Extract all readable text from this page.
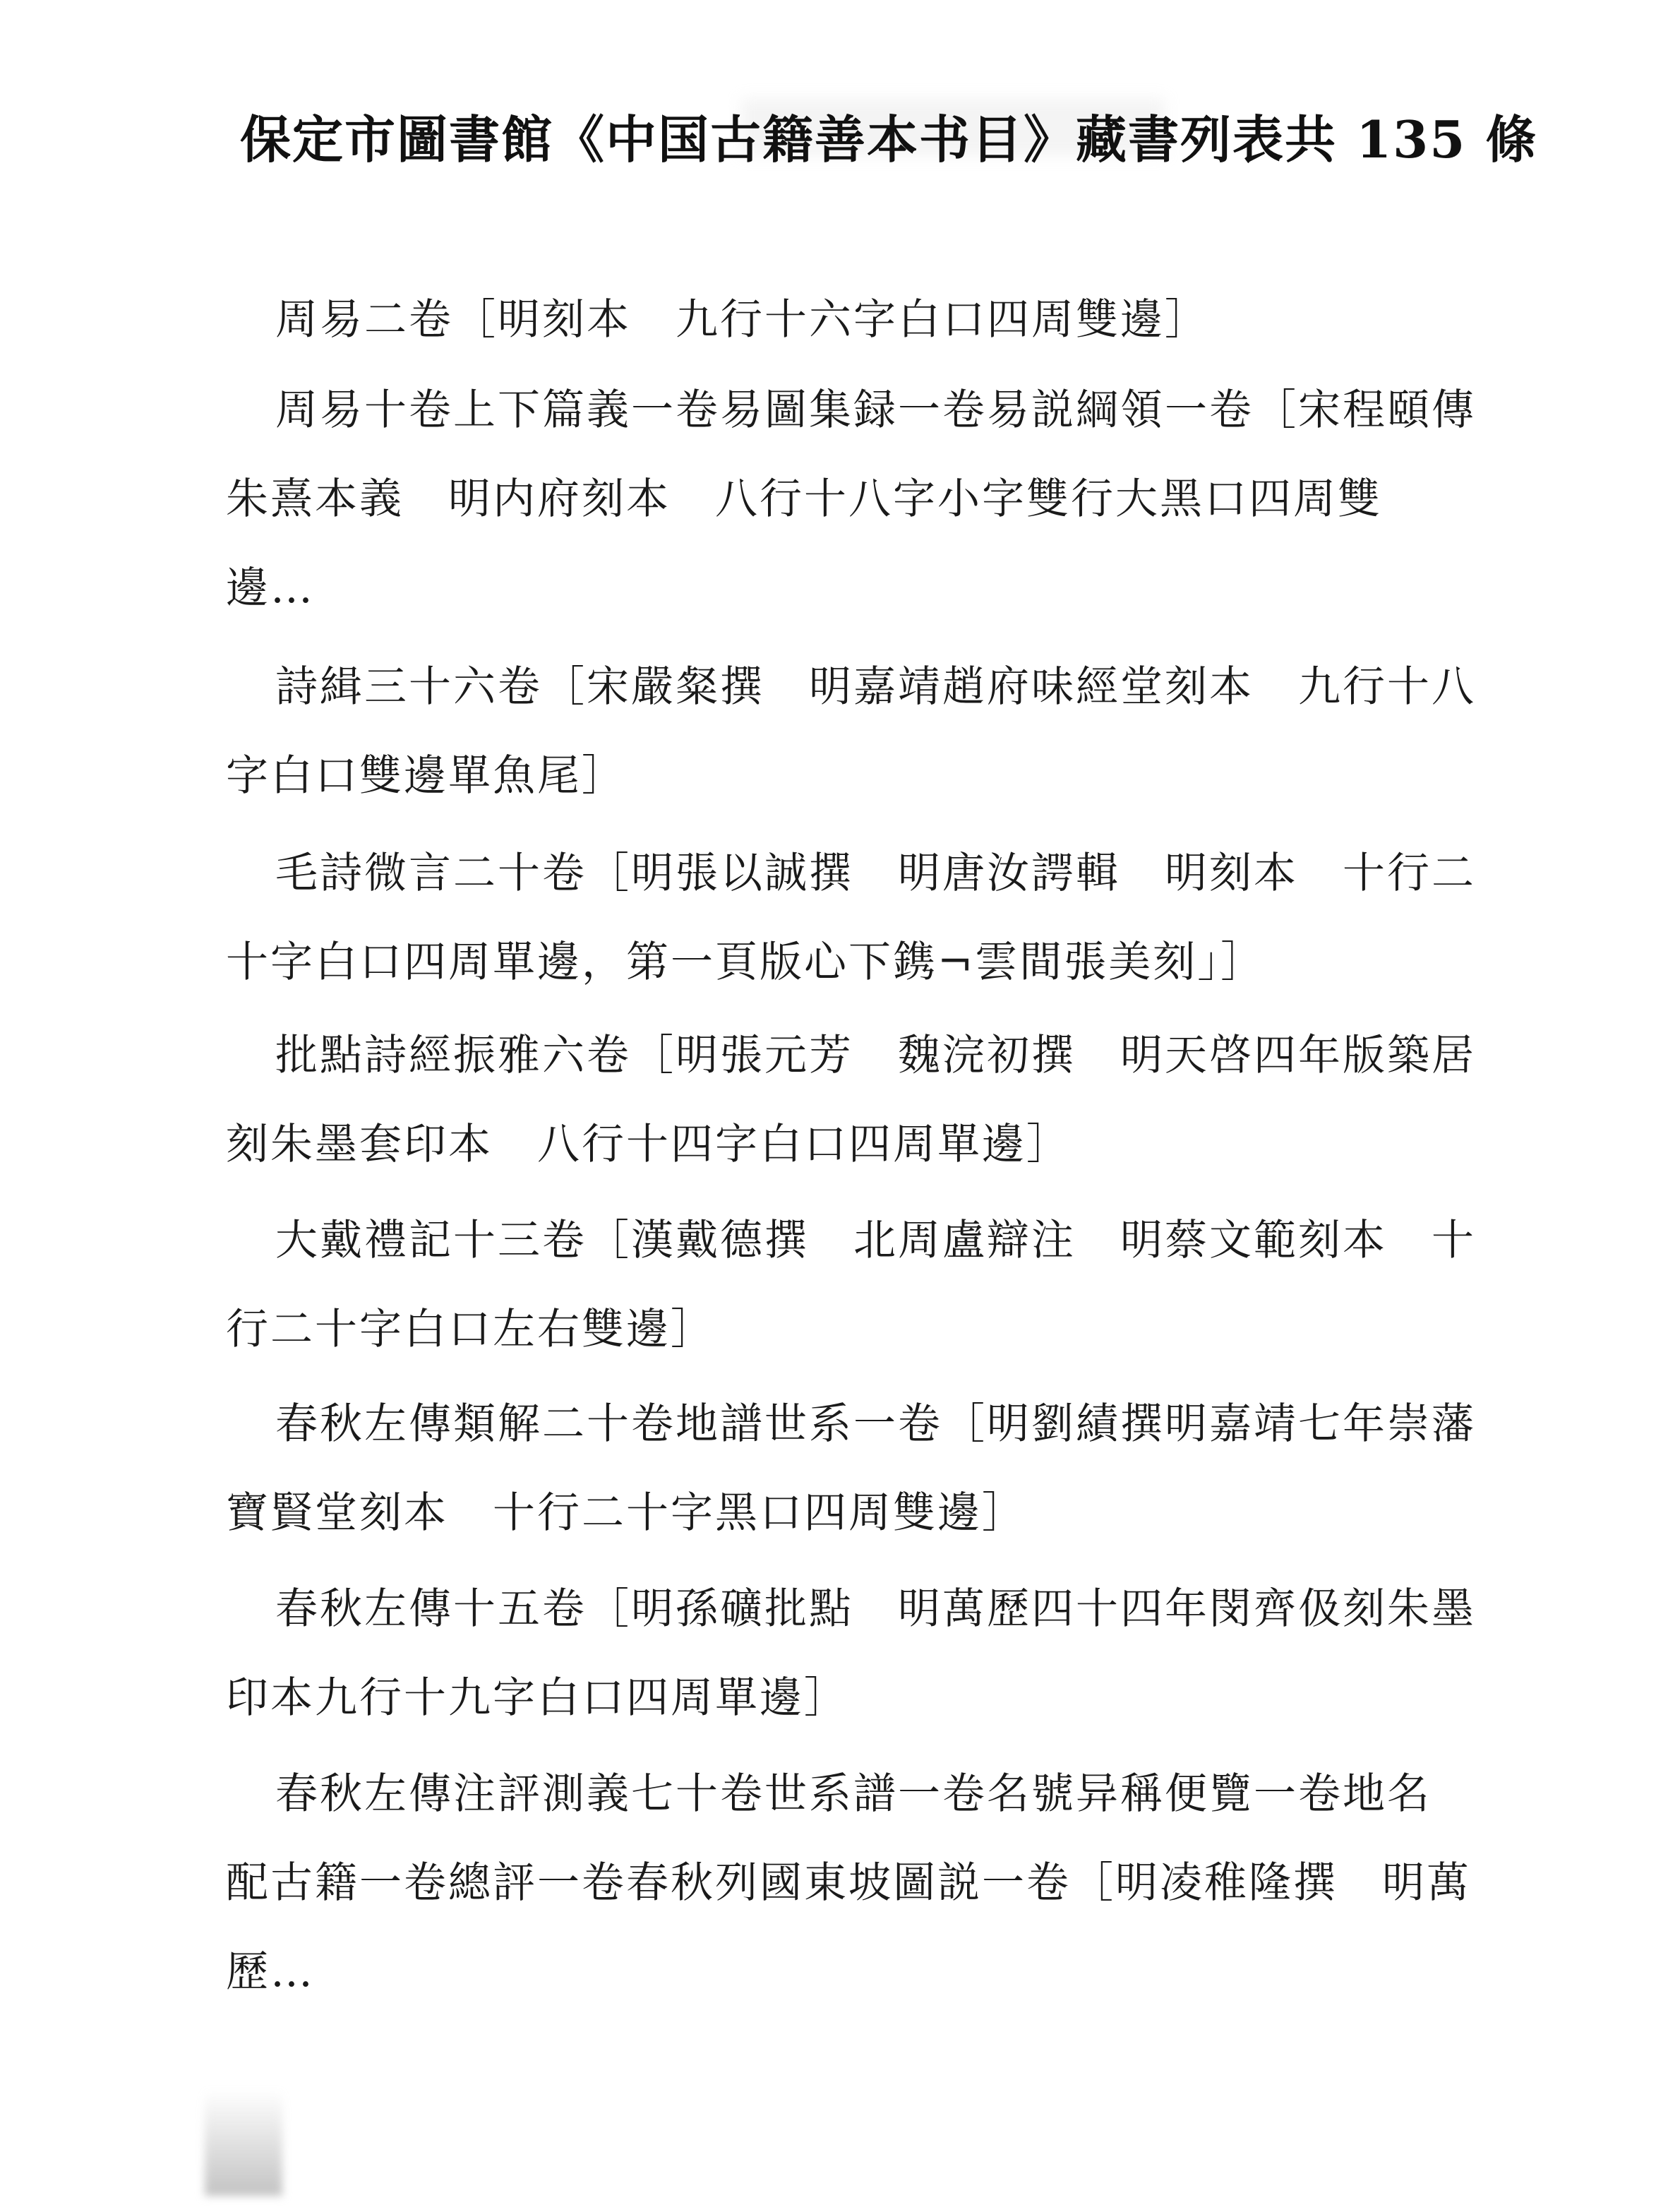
保定市圖書館《中国古籍善本书目》藏書列表共 135 條
周易二卷［明刻本　九行十六字白口四周雙邊］
周易十卷上下篇義一卷易圖集録一卷易説綱領一卷［宋程頤傳
朱熹本義　明内府刻本　八行十八字小字雙行大黑口四周雙
邊…
詩緝三十六卷［宋嚴粲撰　明嘉靖趙府味經堂刻本　九行十八
字白口雙邊單魚尾］
毛詩微言二十卷［明張以誠撰　明唐汝諤輯　明刻本　十行二
十字白口四周單邊，第一頁版心下鎸¬雲間張美刻」］
批點詩經振雅六卷［明張元芳　魏浣初撰　明天啓四年版築居
刻朱墨套印本　八行十四字白口四周單邊］
大戴禮記十三卷［漢戴德撰　北周盧辯注　明蔡文範刻本　十
行二十字白口左右雙邊］
春秋左傳類解二十卷地譜世系一卷［明劉績撰明嘉靖七年崇藩
寶賢堂刻本　十行二十字黑口四周雙邊］
春秋左傳十五卷［明孫礦批點　明萬歷四十四年閔齊伋刻朱墨
印本九行十九字白口四周單邊］
春秋左傳注評測義七十卷世系譜一卷名號异稱便覽一卷地名
配古籍一卷總評一卷春秋列國東坡圖説一卷［明凌稚隆撰　明萬
歷…
